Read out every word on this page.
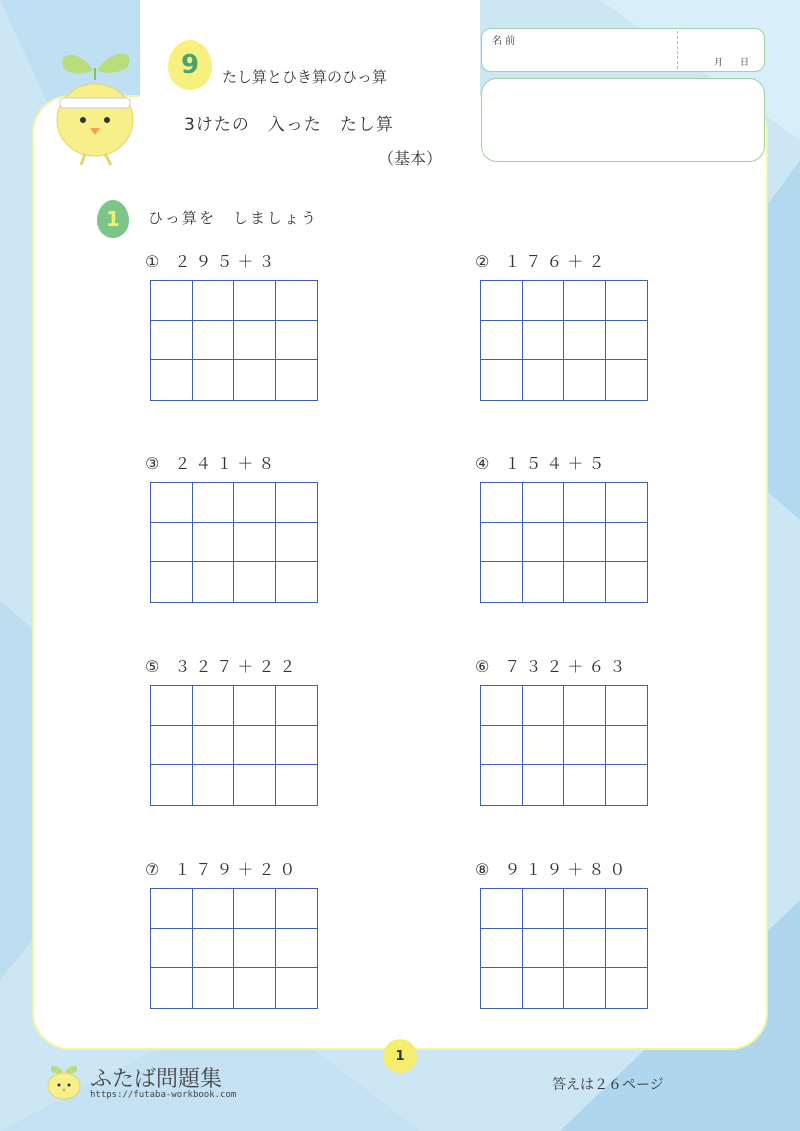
9 たし算とひき算のひっ算
3けたの　入った　たし算
（基本）
名 前
月 日
1 ひっ算を　しましょう
① ２９５＋３	② １７６＋２
③ ２４１＋８	④ １５４＋５
⑤ ３２７＋２２	⑥ ７３２＋６３
⑦ １７９＋２０	⑧ ９１９＋８０
1
ふたば問題集
https://futaba-workbook.com
答えは２６ページ
